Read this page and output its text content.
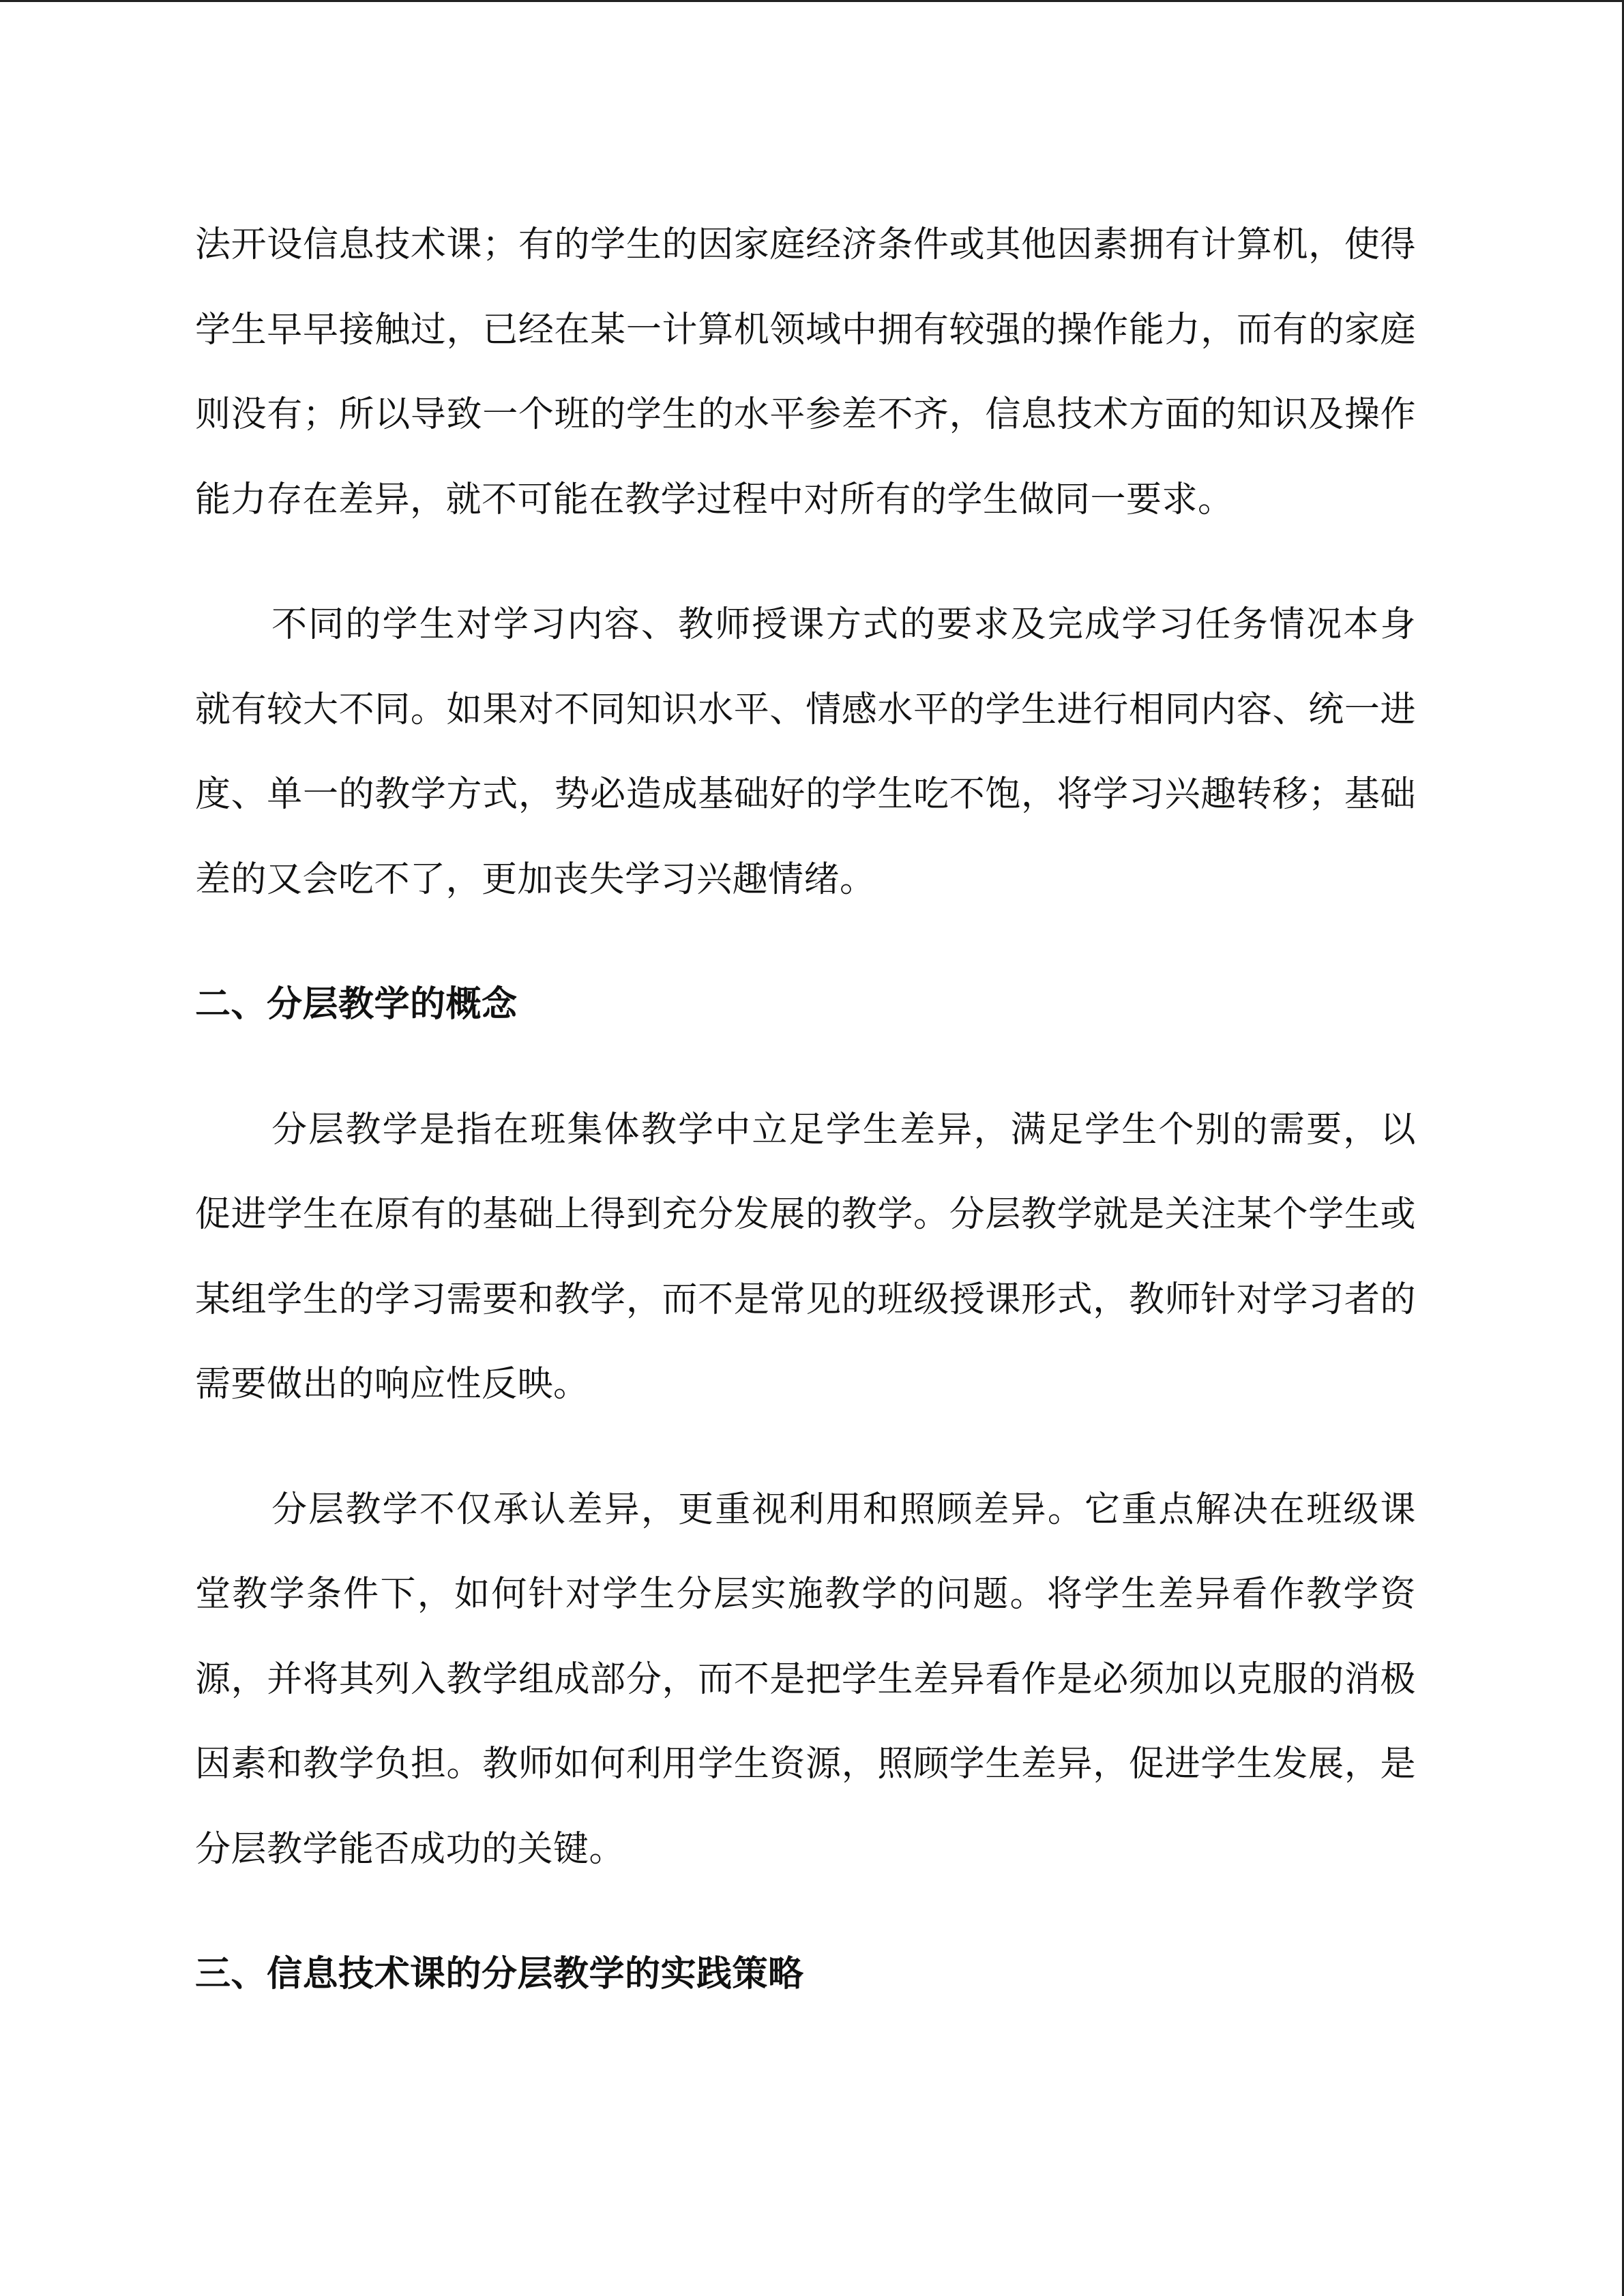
法开设信息技术课；有的学生的因家庭经济条件或其他因素拥有计算机，使得学生早早接触过，已经在某一计算机领域中拥有较强的操作能力，而有的家庭则没有；所以导致一个班的学生的水平参差不齐，信息技术方面的知识及操作能力存在差异，就不可能在教学过程中对所有的学生做同一要求。

不同的学生对学习内容、教师授课方式的要求及完成学习任务情况本身就有较大不同。如果对不同知识水平、情感水平的学生进行相同内容、统一进度、单一的教学方式，势必造成基础好的学生吃不饱，将学习兴趣转移；基础差的又会吃不了，更加丧失学习兴趣情绪。

二、分层教学的概念

分层教学是指在班集体教学中立足学生差异，满足学生个别的需要，以促进学生在原有的基础上得到充分发展的教学。分层教学就是关注某个学生或某组学生的学习需要和教学，而不是常见的班级授课形式，教师针对学习者的需要做出的响应性反映。

分层教学不仅承认差异，更重视利用和照顾差异。它重点解决在班级课堂教学条件下，如何针对学生分层实施教学的问题。将学生差异看作教学资源，并将其列入教学组成部分，而不是把学生差异看作是必须加以克服的消极因素和教学负担。教师如何利用学生资源，照顾学生差异，促进学生发展，是分层教学能否成功的关键。

三、信息技术课的分层教学的实践策略
